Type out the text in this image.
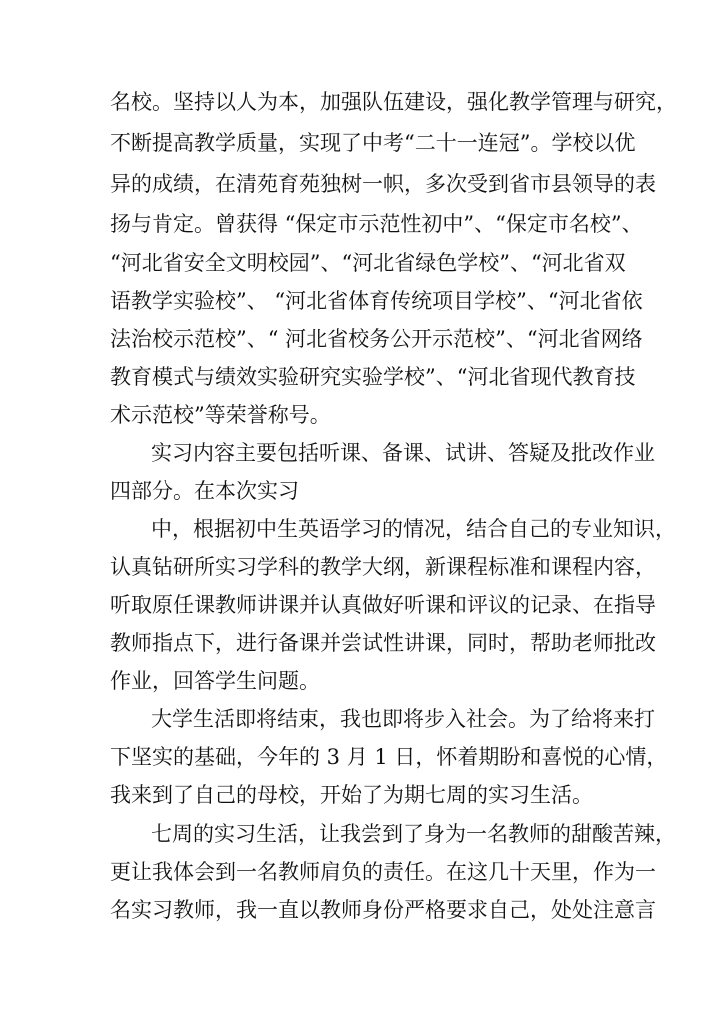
名校。坚持以人为本，加强队伍建设，强化教学管理与研究，
不断提高教学质量，实现了中考“二十一连冠”。学校以优
异的成绩，在清苑育苑独树一帜，多次受到省市县领导的表
扬与肯定。曾获得 “保定市示范性初中”、“保定市名校”、
“河北省安全文明校园”、“河北省绿色学校”、“河北省双
语教学实验校”、 “河北省体育传统项目学校”、“河北省依
法治校示范校”、“ 河北省校务公开示范校”、“河北省网络
教育模式与绩效实验研究实验学校”、“河北省现代教育技
术示范校”等荣誉称号。
实习内容主要包括听课、备课、试讲、答疑及批改作业
四部分。在本次实习
中，根据初中生英语学习的情况，结合自己的专业知识，
认真钻研所实习学科的教学大纲，新课程标准和课程内容，
听取原任课教师讲课并认真做好听课和评议的记录、在指导
教师指点下，进行备课并尝试性讲课，同时，帮助老师批改
作业，回答学生问题。
大学生活即将结束，我也即将步入社会。为了给将来打
下坚实的基础，今年的 3 月 1 日，怀着期盼和喜悦的心情，
我来到了自己的母校，开始了为期七周的实习生活。
七周的实习生活，让我尝到了身为一名教师的甜酸苦辣，
更让我体会到一名教师肩负的责任。在这几十天里，作为一
名实习教师，我一直以教师身份严格要求自己，处处注意言
